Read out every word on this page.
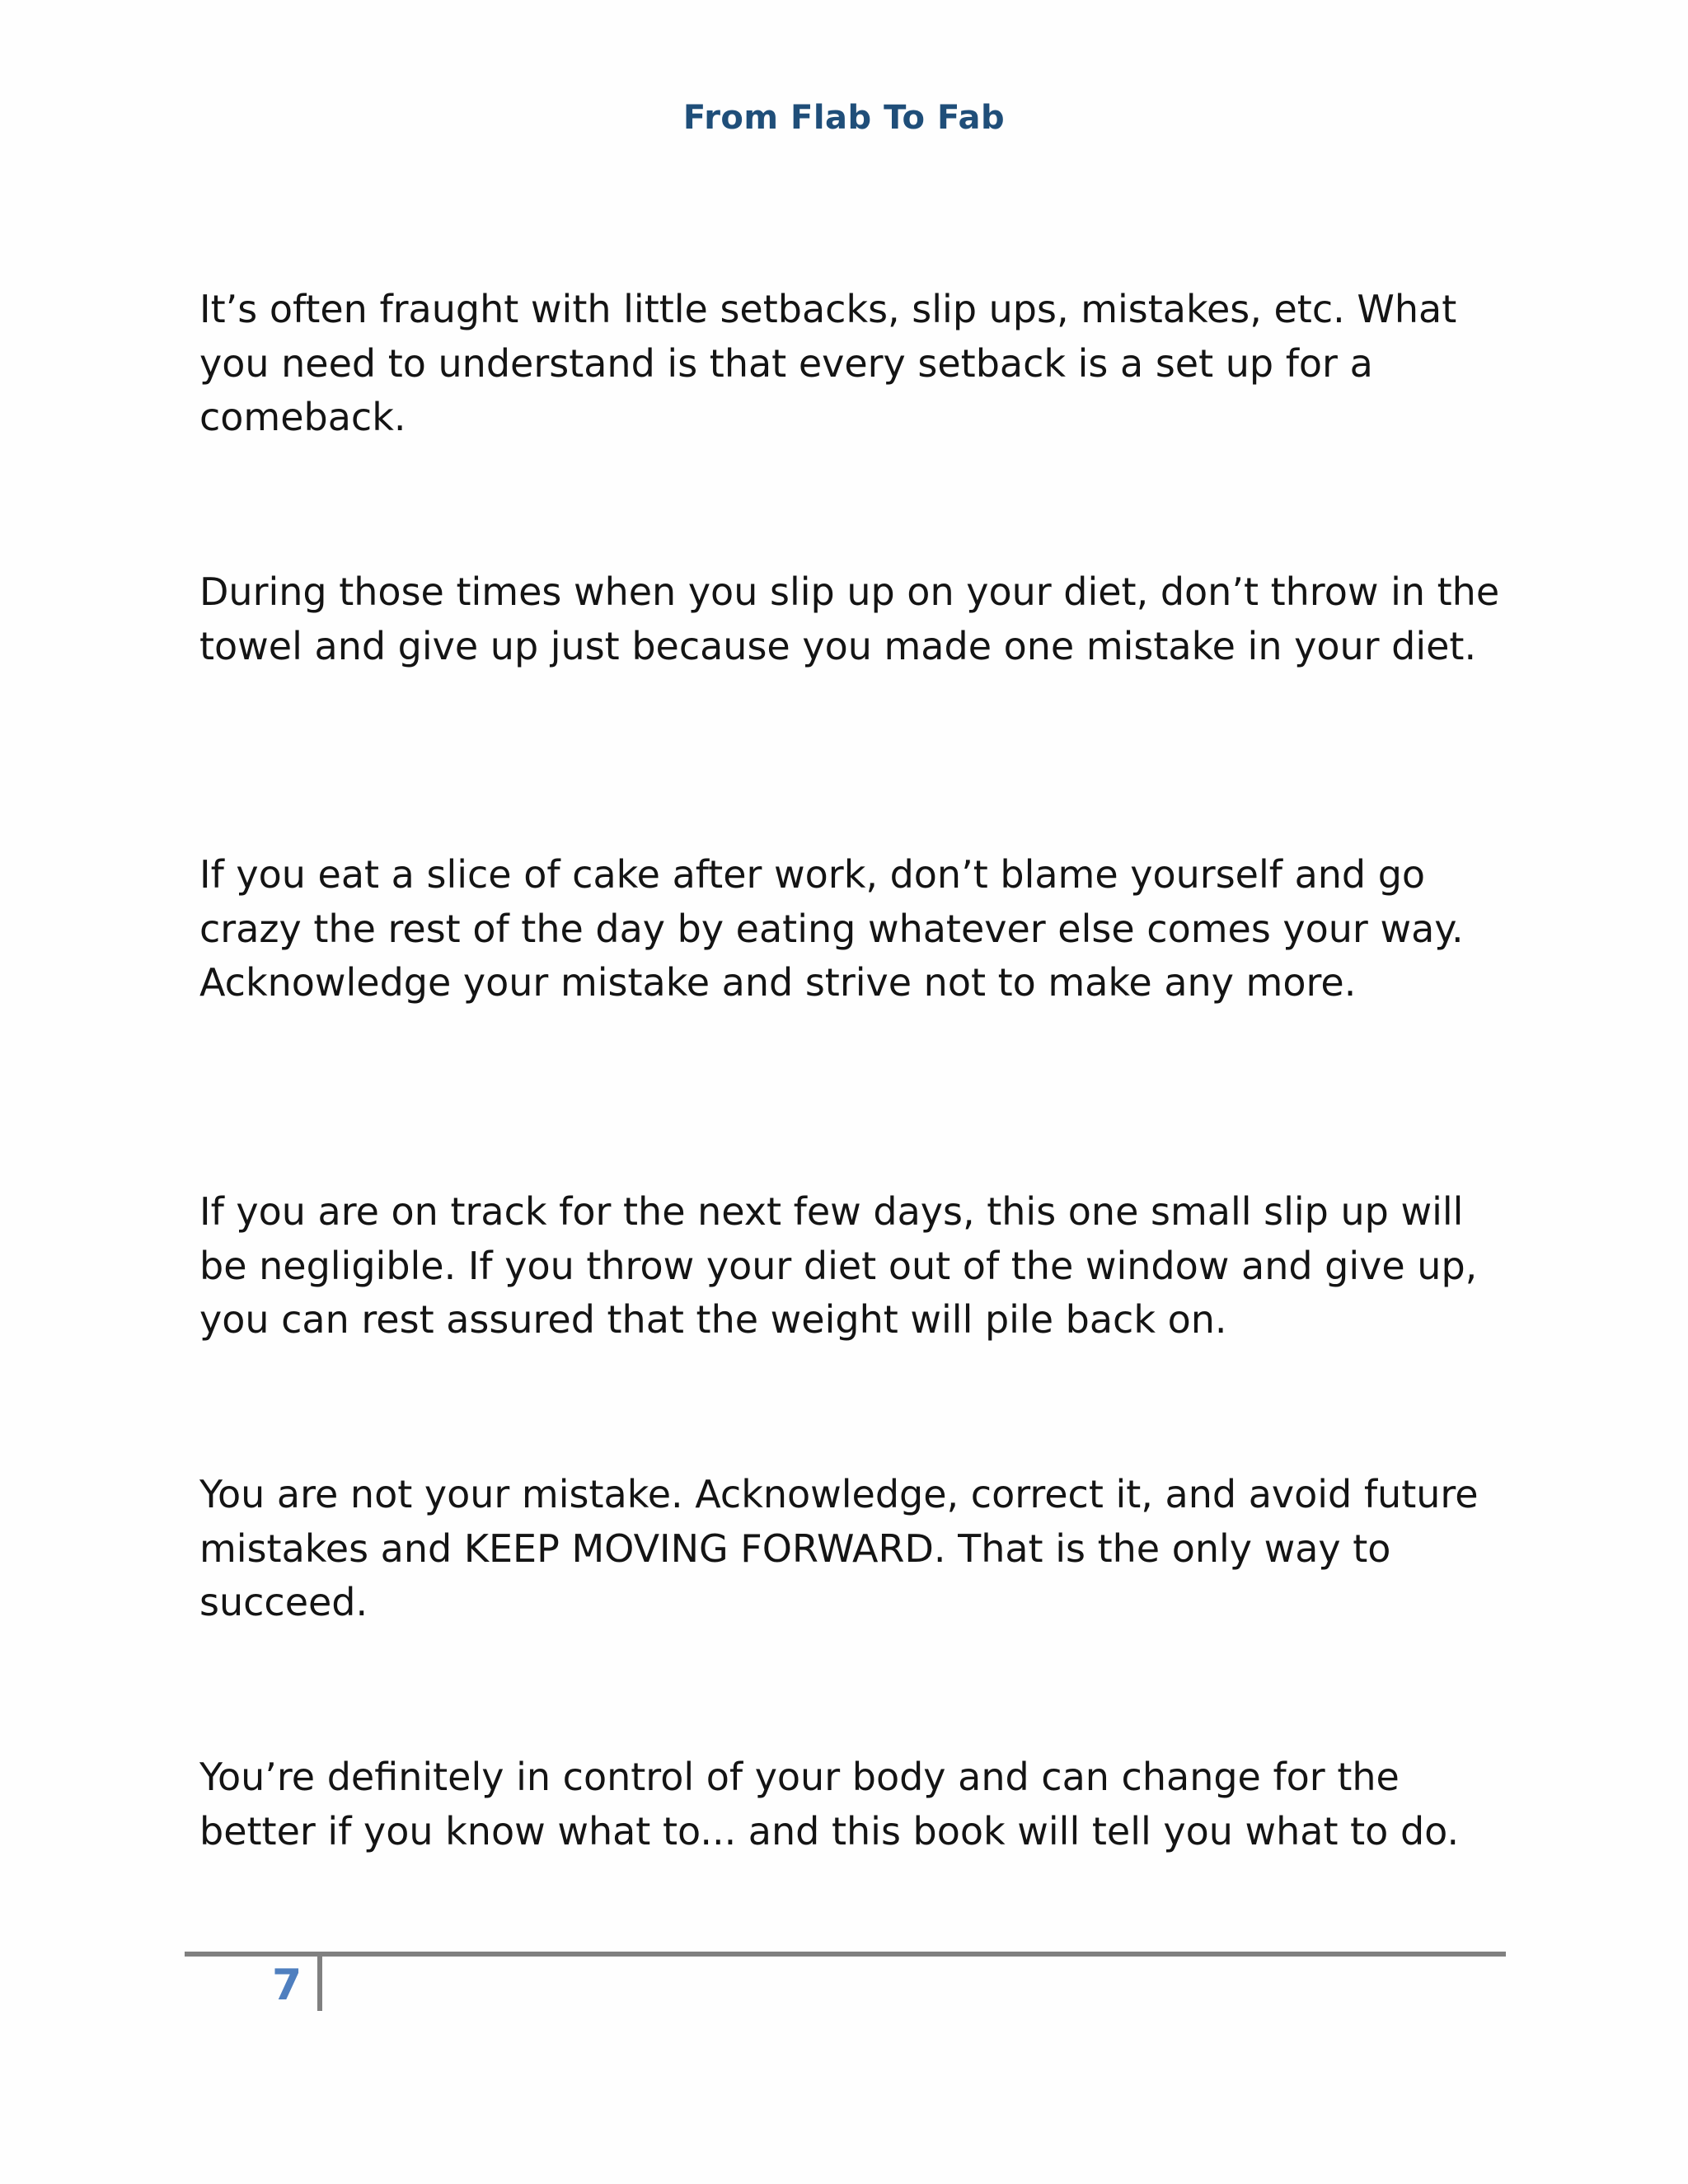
From Flab To Fab

It’s often fraught with little setbacks, slip ups, mistakes, etc. What you need to understand is that every setback is a set up for a comeback.

During those times when you slip up on your diet, don’t throw in the towel and give up just because you made one mistake in your diet.

If you eat a slice of cake after work, don’t blame yourself and go crazy the rest of the day by eating whatever else comes your way. Acknowledge your mistake and strive not to make any more.

If you are on track for the next few days, this one small slip up will be negligible. If you throw your diet out of the window and give up, you can rest assured that the weight will pile back on.

You are not your mistake. Acknowledge, correct it, and avoid future mistakes and KEEP MOVING FORWARD. That is the only way to succeed.

You’re definitely in control of your body and can change for the better if you know what to... and this book will tell you what to do.

7
